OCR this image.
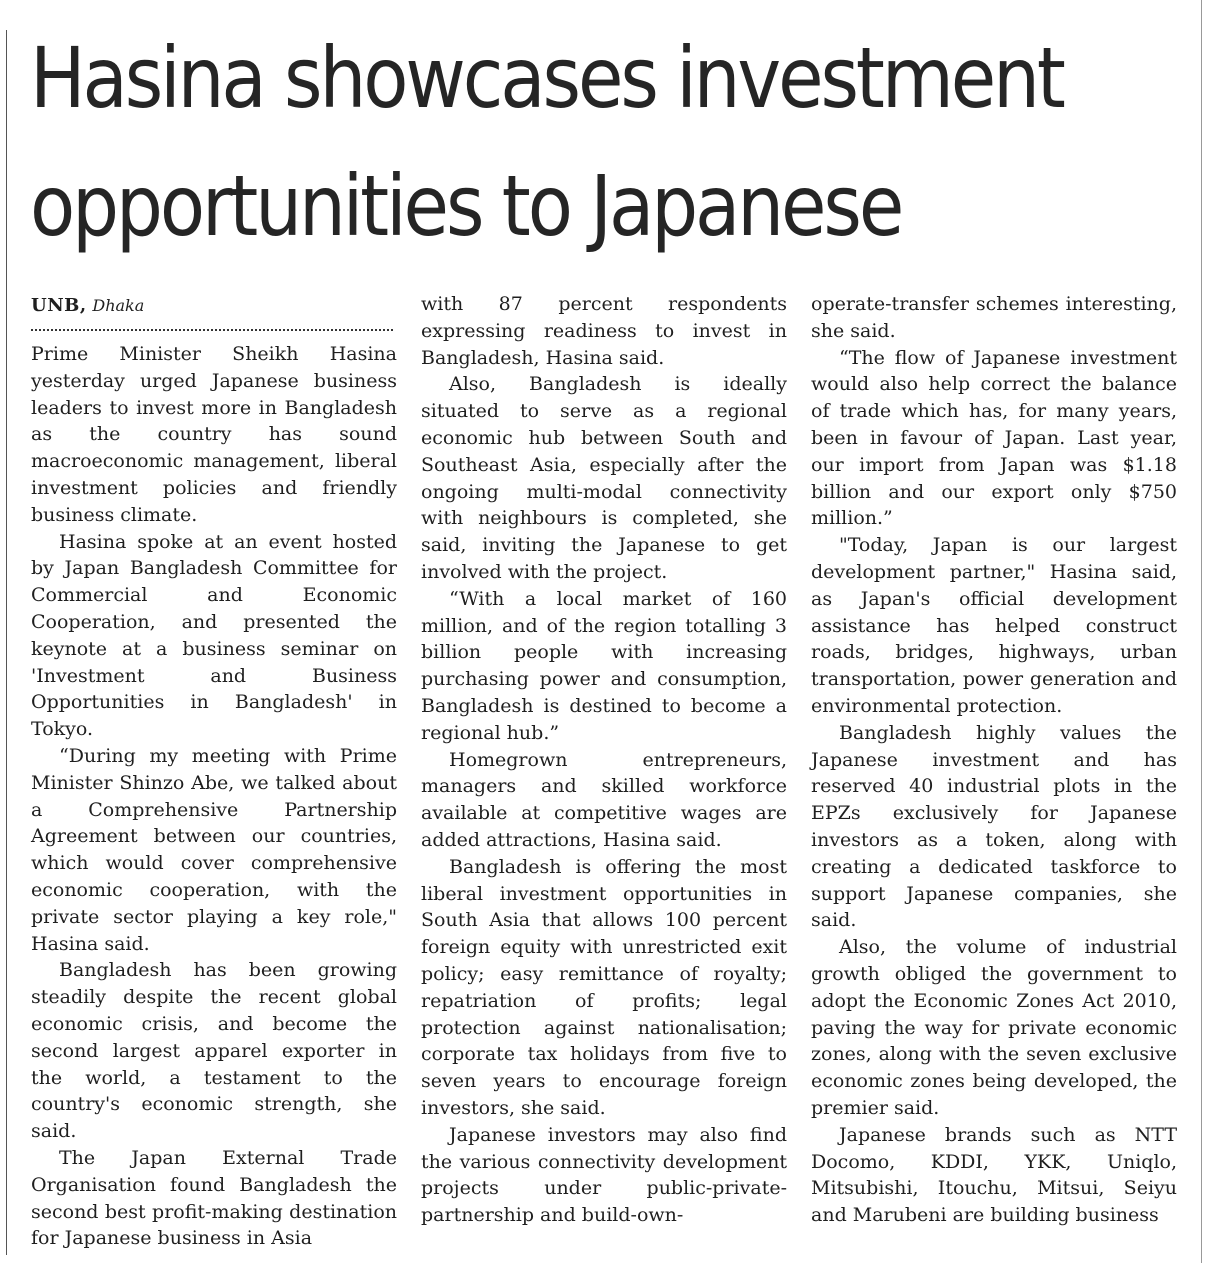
Hasina showcases investment
opportunities to Japanese
UNB, Dhaka

Prime Minister Sheikh Hasina yesterday urged Japanese business leaders to invest more in Bangladesh as the country has sound macroeconomic management, liberal investment policies and friendly business climate.

Hasina spoke at an event hosted by Japan Bangladesh Committee for Commercial and Economic Cooperation, and presented the keynote at a business seminar on 'Investment and Business Opportunities in Bangladesh' in Tokyo.

“During my meeting with Prime Minister Shinzo Abe, we talked about a Comprehensive Partnership Agreement between our countries, which would cover comprehensive economic cooperation, with the private sector playing a key role," Hasina said.

Bangladesh has been growing steadily despite the recent global economic crisis, and become the second largest apparel exporter in the world, a testament to the country's economic strength, she said.

The Japan External Trade Organisation found Bangladesh the second best profit-making destination for Japanese business in Asia

with 87 percent respondents expressing readiness to invest in Bangladesh, Hasina said.

Also, Bangladesh is ideally situated to serve as a regional economic hub between South and Southeast Asia, especially after the ongoing multi-modal connectivity with neighbours is completed, she said, inviting the Japanese to get involved with the project.

“With a local market of 160 million, and of the region totalling 3 billion people with increasing purchasing power and consumption, Bangladesh is destined to become a regional hub.”

Homegrown entrepreneurs, managers and skilled workforce available at competitive wages are added attractions, Hasina said.

Bangladesh is offering the most liberal investment opportunities in South Asia that allows 100 percent foreign equity with unrestricted exit policy; easy remittance of royalty; repatriation of profits; legal protection against nationalisation; corporate tax holidays from five to seven years to encourage foreign investors, she said.

Japanese investors may also find the various connectivity development projects under public-private-partnership and build-own-

operate-transfer schemes interesting, she said.

“The flow of Japanese investment would also help correct the balance of trade which has, for many years, been in favour of Japan. Last year, our import from Japan was $1.18 billion and our export only $750 million.”

"Today, Japan is our largest development partner," Hasina said, as Japan's official development assistance has helped construct roads, bridges, highways, urban transportation, power generation and environmental protection.

Bangladesh highly values the Japanese investment and has reserved 40 industrial plots in the EPZs exclusively for Japanese investors as a token, along with creating a dedicated taskforce to support Japanese companies, she said.

Also, the volume of industrial growth obliged the government to adopt the Economic Zones Act 2010, paving the way for private economic zones, along with the seven exclusive economic zones being developed, the premier said.

Japanese brands such as NTT Docomo, KDDI, YKK, Uniqlo, Mitsubishi, Itouchu, Mitsui, Seiyu and Marubeni are building business
